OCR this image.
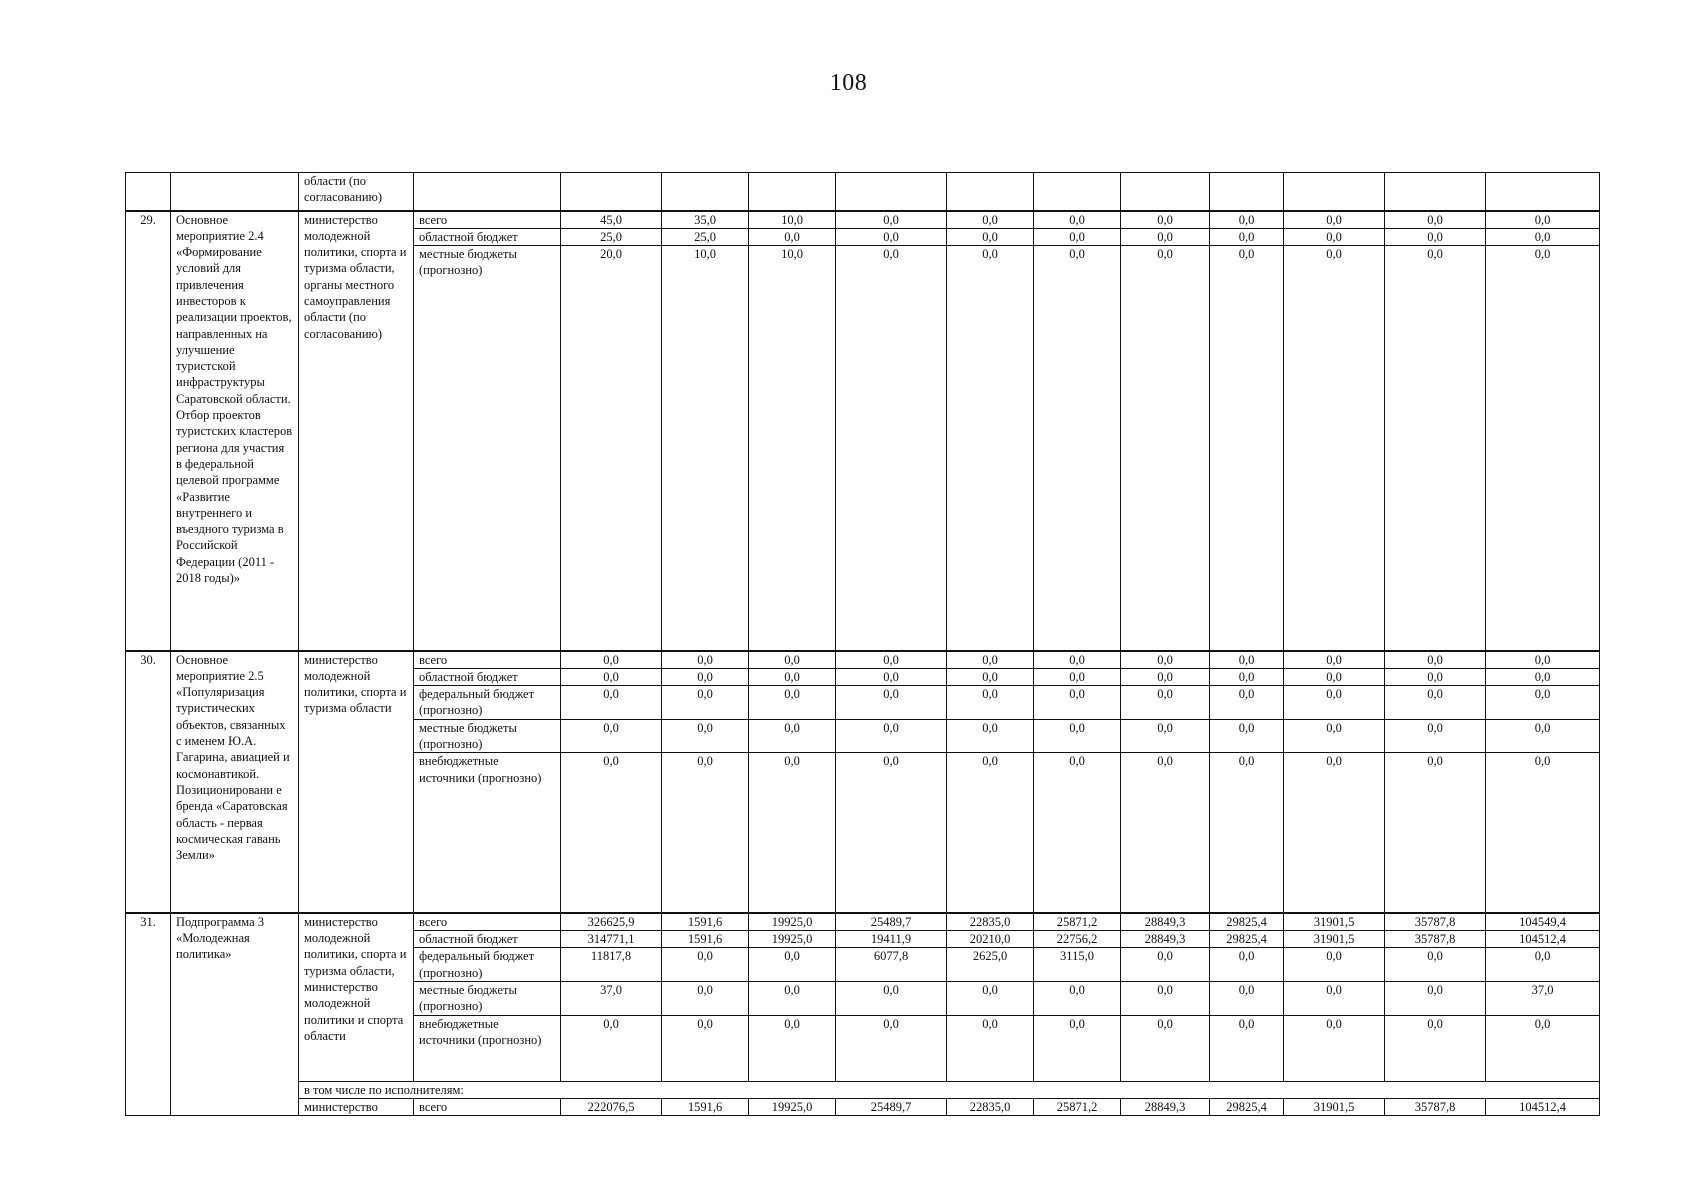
108
		области (по согласованию)												
29.	Основное мероприятие 2.4 «Формирование условий для привлечения инвесторов к реализации проектов, направленных на улучшение туристской инфраструктуры Саратовской области. Отбор проектов туристских кластеров региона для участия в федеральной целевой программе «Развитие внутреннего и въездного туризма в Российской Федерации (2011 - 2018 годы)»	министерство молодежной политики, спорта и туризма области, органы местного самоуправления области (по согласованию)	всего	45,0	35,0	10,0	0,0	0,0	0,0	0,0	0,0	0,0	0,0	0,0
			областной бюджет	25,0	25,0	0,0	0,0	0,0	0,0	0,0	0,0	0,0	0,0	0,0
			местные бюджеты (прогнозно)	20,0	10,0	10,0	0,0	0,0	0,0	0,0	0,0	0,0	0,0	0,0
30.	Основное мероприятие 2.5 «Популяризация туристических объектов, связанных с именем Ю.А. Гагарина, авиацией и космонавтикой. Позиционировани е бренда «Саратовская область - первая космическая гавань Земли»	министерство молодежной политики, спорта и туризма области	всего	0,0	0,0	0,0	0,0	0,0	0,0	0,0	0,0	0,0	0,0	0,0
			областной бюджет	0,0	0,0	0,0	0,0	0,0	0,0	0,0	0,0	0,0	0,0	0,0
			федеральный бюджет (прогнозно)	0,0	0,0	0,0	0,0	0,0	0,0	0,0	0,0	0,0	0,0	0,0
			местные бюджеты (прогнозно)	0,0	0,0	0,0	0,0	0,0	0,0	0,0	0,0	0,0	0,0	0,0
			внебюджетные источники (прогнозно)	0,0	0,0	0,0	0,0	0,0	0,0	0,0	0,0	0,0	0,0	0,0
31.	Подпрограмма 3 «Молодежная политика»	министерство молодежной политики, спорта и туризма области, министерство молодежной политики и спорта области	всего	326625,9	1591,6	19925,0	25489,7	22835,0	25871,2	28849,3	29825,4	31901,5	35787,8	104549,4
			областной бюджет	314771,1	1591,6	19925,0	19411,9	20210,0	22756,2	28849,3	29825,4	31901,5	35787,8	104512,4
			федеральный бюджет (прогнозно)	11817,8	0,0	0,0	6077,8	2625,0	3115,0	0,0	0,0	0,0	0,0	0,0
			местные бюджеты (прогнозно)	37,0	0,0	0,0	0,0	0,0	0,0	0,0	0,0	0,0	0,0	37,0
			внебюджетные источники (прогнозно)	0,0	0,0	0,0	0,0	0,0	0,0	0,0	0,0	0,0	0,0	0,0
		в том числе по исполнителям:												
		министерство	всего	222076,5	1591,6	19925,0	25489,7	22835,0	25871,2	28849,3	29825,4	31901,5	35787,8	104512,4
